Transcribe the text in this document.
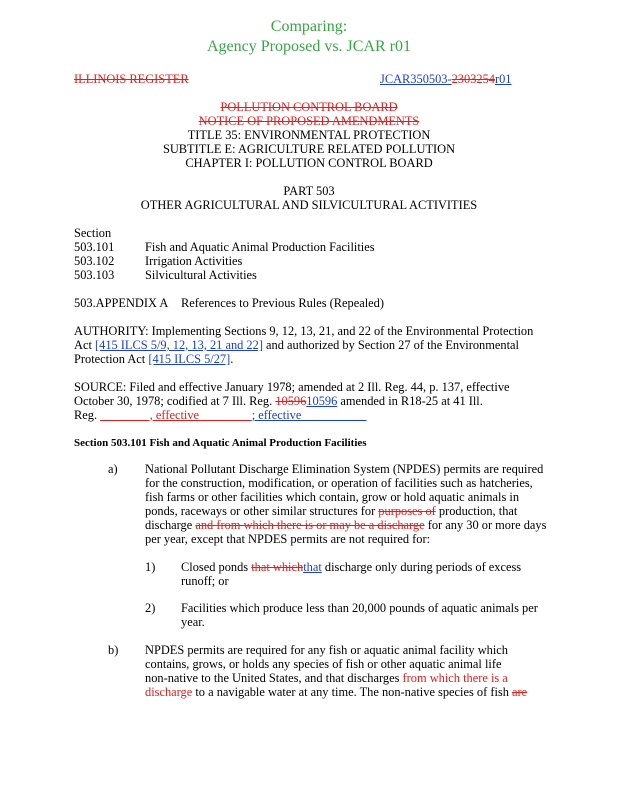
Comparing:
Agency Proposed vs. JCAR r01
ILLINOIS REGISTER	JCAR350503-2303254r01
POLLUTION CONTROL BOARD
NOTICE OF PROPOSED AMENDMENTS
TITLE 35: ENVIRONMENTAL PROTECTION
SUBTITLE E: AGRICULTURE RELATED POLLUTION
CHAPTER I: POLLUTION CONTROL BOARD
PART 503
OTHER AGRICULTURAL AND SILVICULTURAL ACTIVITIES
Section
503.101 Fish and Aquatic Animal Production Facilities
503.102 Irrigation Activities
503.103 Silvicultural Activities
503.APPENDIX A References to Previous Rules (Repealed)
AUTHORITY: Implementing Sections 9, 12, 13, 21, and 22 of the Environmental Protection
Act [415 ILCS 5/9, 12, 13, 21 and 22] and authorized by Section 27 of the Environmental
Protection Act [415 ILCS 5/27].
SOURCE: Filed and effective January 1978; amended at 2 Ill. Reg. 44, p. 137, effective
October 30, 1978; codified at 7 Ill. Reg. 1059610596 amended in R18-25 at 41 Ill.
Reg. ________, effective ________; effective __________
Section 503.101 Fish and Aquatic Animal Production Facilities
a) National Pollutant Discharge Elimination System (NPDES) permits are required
for the construction, modification, or operation of facilities such as hatcheries,
fish farms or other facilities which contain, grow or hold aquatic animals in
ponds, raceways or other similar structures for purposes of production, that
discharge and from which there is or may be a discharge for any 30 or more days
per year, except that NPDES permits are not required for:
1) Closed ponds that whichthat discharge only during periods of excess
runoff; or
2) Facilities which produce less than 20,000 pounds of aquatic animals per
year.
b) NPDES permits are required for any fish or aquatic animal facility which
contains, grows, or holds any species of fish or other aquatic animal life
non-native to the United States, and that discharges from which there is a
discharge to a navigable water at any time. The non-native species of fish are
